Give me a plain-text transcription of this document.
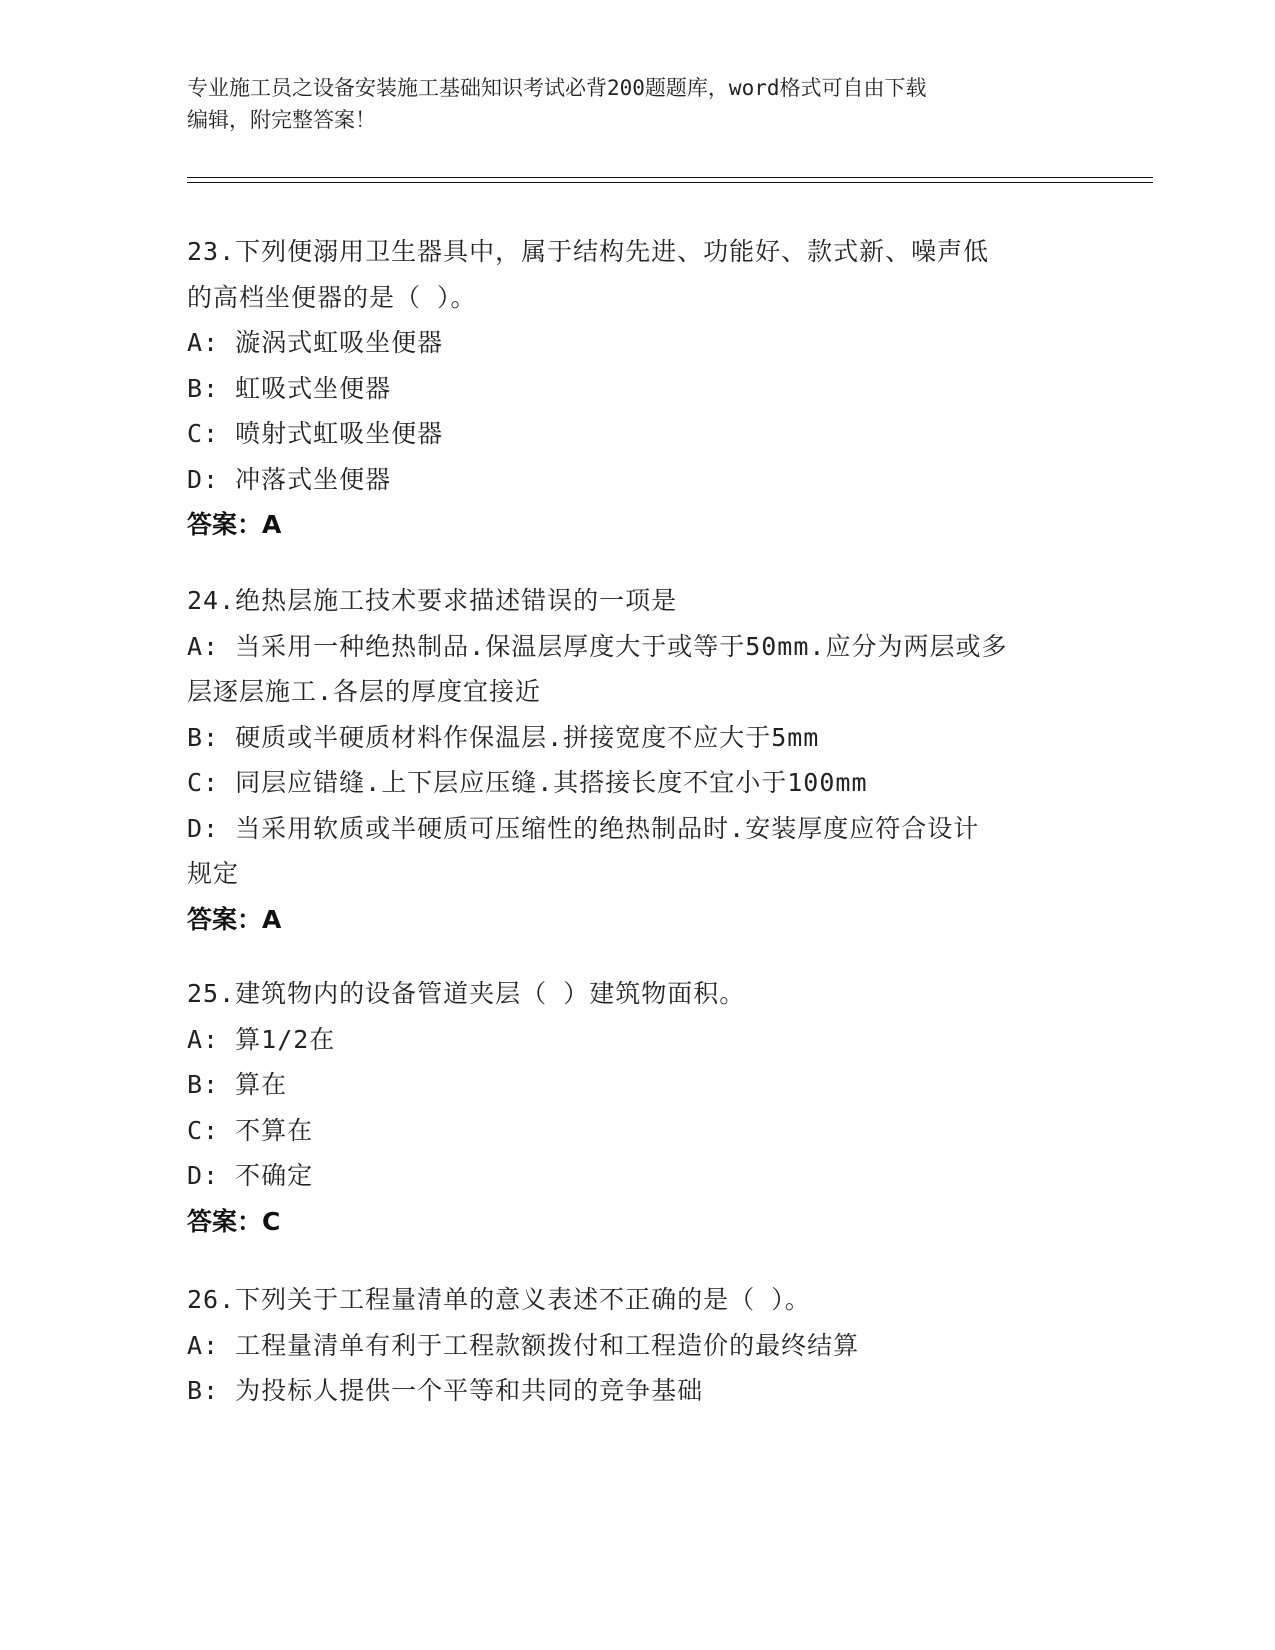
专业施工员之设备安装施工基础知识考试必背200题题库，word格式可自由下载
编辑，附完整答案！
23.下列便溺用卫生器具中，属于结构先进、功能好、款式新、噪声低
的高档坐便器的是（ ）。
A: 漩涡式虹吸坐便器
B: 虹吸式坐便器
C: 喷射式虹吸坐便器
D: 冲落式坐便器
答案：A
24.绝热层施工技术要求描述错误的一项是
A: 当采用一种绝热制品.保温层厚度大于或等于50mm.应分为两层或多
层逐层施工.各层的厚度宜接近
B: 硬质或半硬质材料作保温层.拼接宽度不应大于5mm
C: 同层应错缝.上下层应压缝.其搭接长度不宜小于100mm
D: 当采用软质或半硬质可压缩性的绝热制品时.安装厚度应符合设计
规定
答案：A
25.建筑物内的设备管道夹层（ ）建筑物面积。
A: 算1/2在
B: 算在
C: 不算在
D: 不确定
答案：C
26.下列关于工程量清单的意义表述不正确的是（ ）。
A: 工程量清单有利于工程款额拨付和工程造价的最终结算
B: 为投标人提供一个平等和共同的竞争基础
